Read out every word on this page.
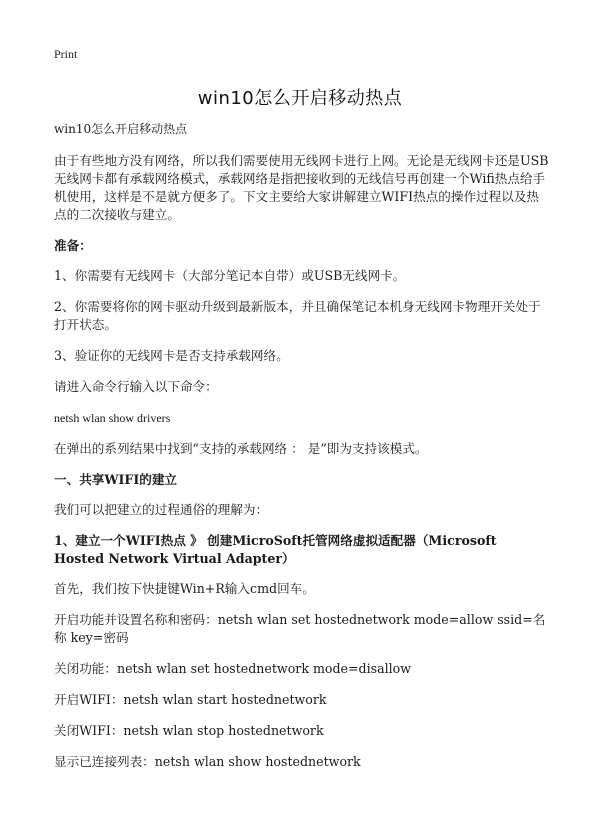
Print
win10怎么开启移动热点

win10怎么开启移动热点

由于有些地方没有网络，所以我们需要使用无线网卡进行上网。无论是无线网卡还是USB无线网卡都有承载网络模式，承载网络是指把接收到的无线信号再创建一个Wifi热点给手机使用，这样是不是就方便多了。下文主要给大家讲解建立WIFI热点的操作过程以及热点的二次接收与建立。

准备：

1、你需要有无线网卡（大部分笔记本自带）或USB无线网卡。

2、你需要将你的网卡驱动升级到最新版本，并且确保笔记本机身无线网卡物理开关处于打开状态。

3、验证你的无线网卡是否支持承载网络。

请进入命令行输入以下命令：

netsh wlan show drivers

在弹出的系列结果中找到“支持的承载网络 ： 是”即为支持该模式。

一、共享WIFI的建立

我们可以把建立的过程通俗的理解为：

1、建立一个WIFI热点 》 创建MicroSoft托管网络虚拟适配器（Microsoft Hosted Network Virtual Adapter）

首先，我们按下快捷键Win+R输入cmd回车。

开启功能并设置名称和密码：netsh wlan set hostednetwork mode=allow ssid=名称 key=密码

关闭功能：netsh wlan set hostednetwork mode=disallow

开启WIFI：netsh wlan start hostednetwork

关闭WIFI：netsh wlan stop hostednetwork

显示已连接列表：netsh wlan show hostednetwork
